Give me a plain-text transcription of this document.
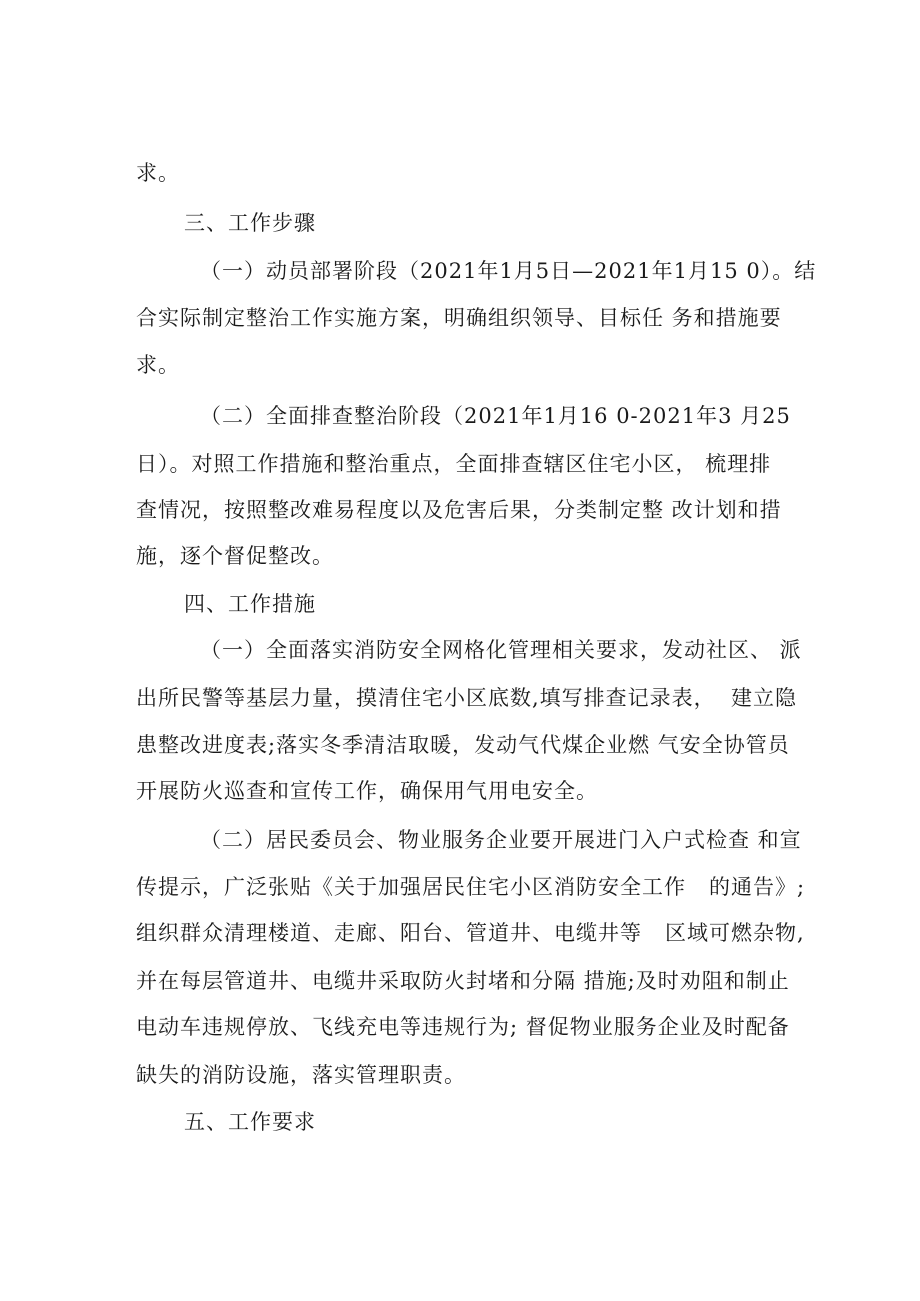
求。
三、工作步骤
（一）动员部署阶段（2021年1月5日—2021年1月15 0）。结
合实际制定整治工作实施方案，明确组织领导、目标任 务和措施要
求。
（二）全面排查整治阶段（2021年1月16 0-2021年3 月25
日）。对照工作措施和整治重点，全面排查辖区住宅小区， 梳理排
查情况，按照整改难易程度以及危害后果，分类制定整 改计划和措
施，逐个督促整改。
四、工作措施
（一）全面落实消防安全网格化管理相关要求，发动社区、 派
出所民警等基层力量，摸清住宅小区底数,填写排查记录表，  建立隐
患整改进度表;落实冬季清洁取暖，发动气代煤企业燃 气安全协管员
开展防火巡查和宣传工作，确保用气用电安全。
（二）居民委员会、物业服务企业要开展进门入户式检查 和宣
传提示，广泛张贴《关于加强居民住宅小区消防安全工作   的通告》;
组织群众清理楼道、走廊、阳台、管道井、电缆井等   区域可燃杂物,
并在每层管道井、电缆井采取防火封堵和分隔 措施;及时劝阻和制止
电动车违规停放、飞线充电等违规行为; 督促物业服务企业及时配备
缺失的消防设施，落实管理职责。
五、工作要求
